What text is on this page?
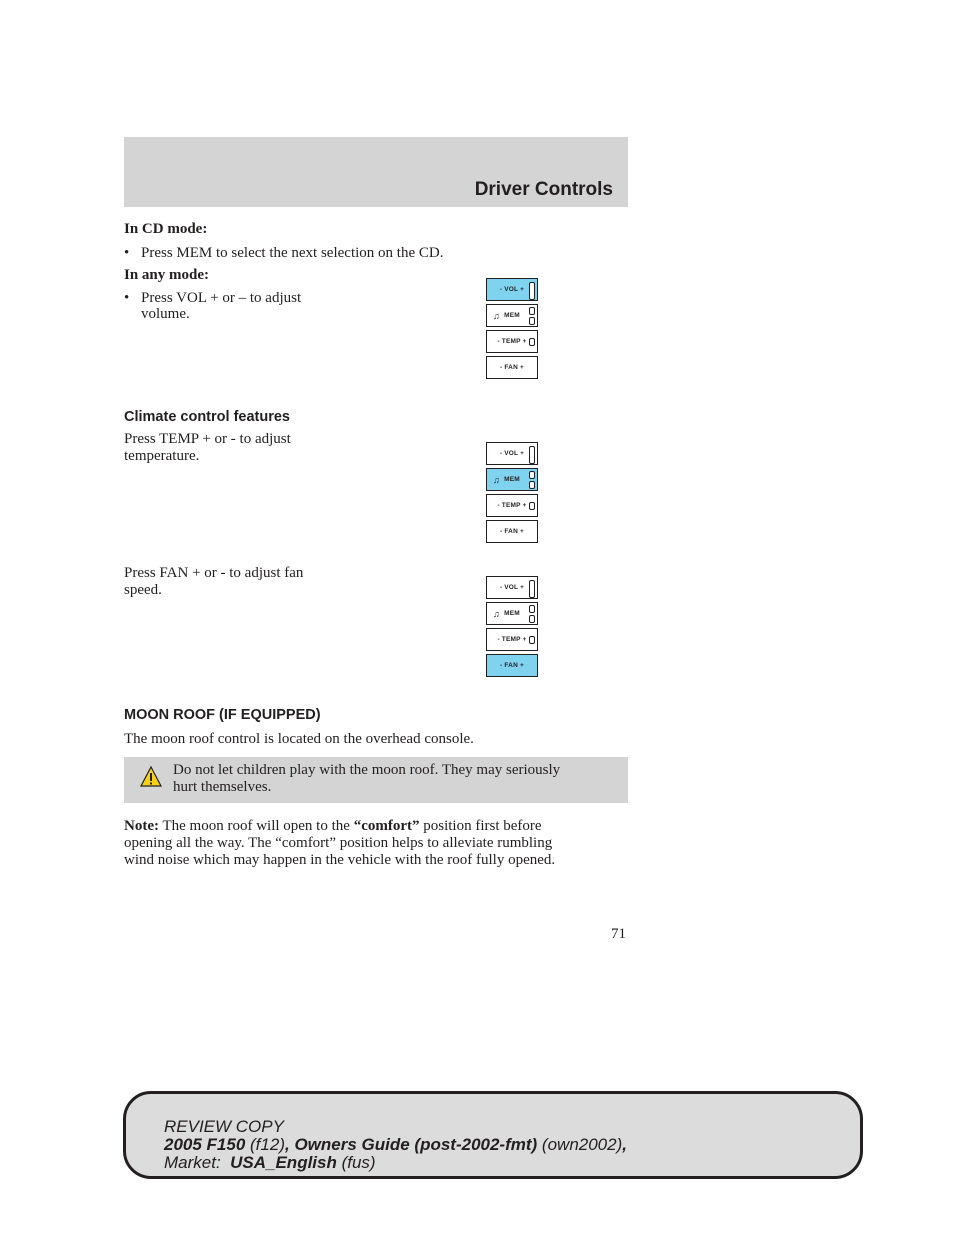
Driver Controls
In CD mode:
• Press MEM to select the next selection on the CD.
In any mode:
• Press VOL + or – to adjust
volume.
- VOL +
♫ MEM
- TEMP +
- FAN +
Climate control features
Press TEMP + or - to adjust
temperature.	- VOL +
♫ MEM
- TEMP +
- FAN +
Press FAN + or - to adjust fan
speed.	- VOL +
♫ MEM
- TEMP +
- FAN +
MOON ROOF (IF EQUIPPED)
The moon roof control is located on the overhead console.
Do not let children play with the moon roof. They may seriously
hurt themselves.
Note: The moon roof will open to the “comfort” position first before
opening all the way. The “comfort” position helps to alleviate rumbling
wind noise which may happen in the vehicle with the roof fully opened.
71
REVIEW COPY
2005 F150 (f12), Owners Guide (post-2002-fmt) (own2002),
Market:  USA_English (fus)
